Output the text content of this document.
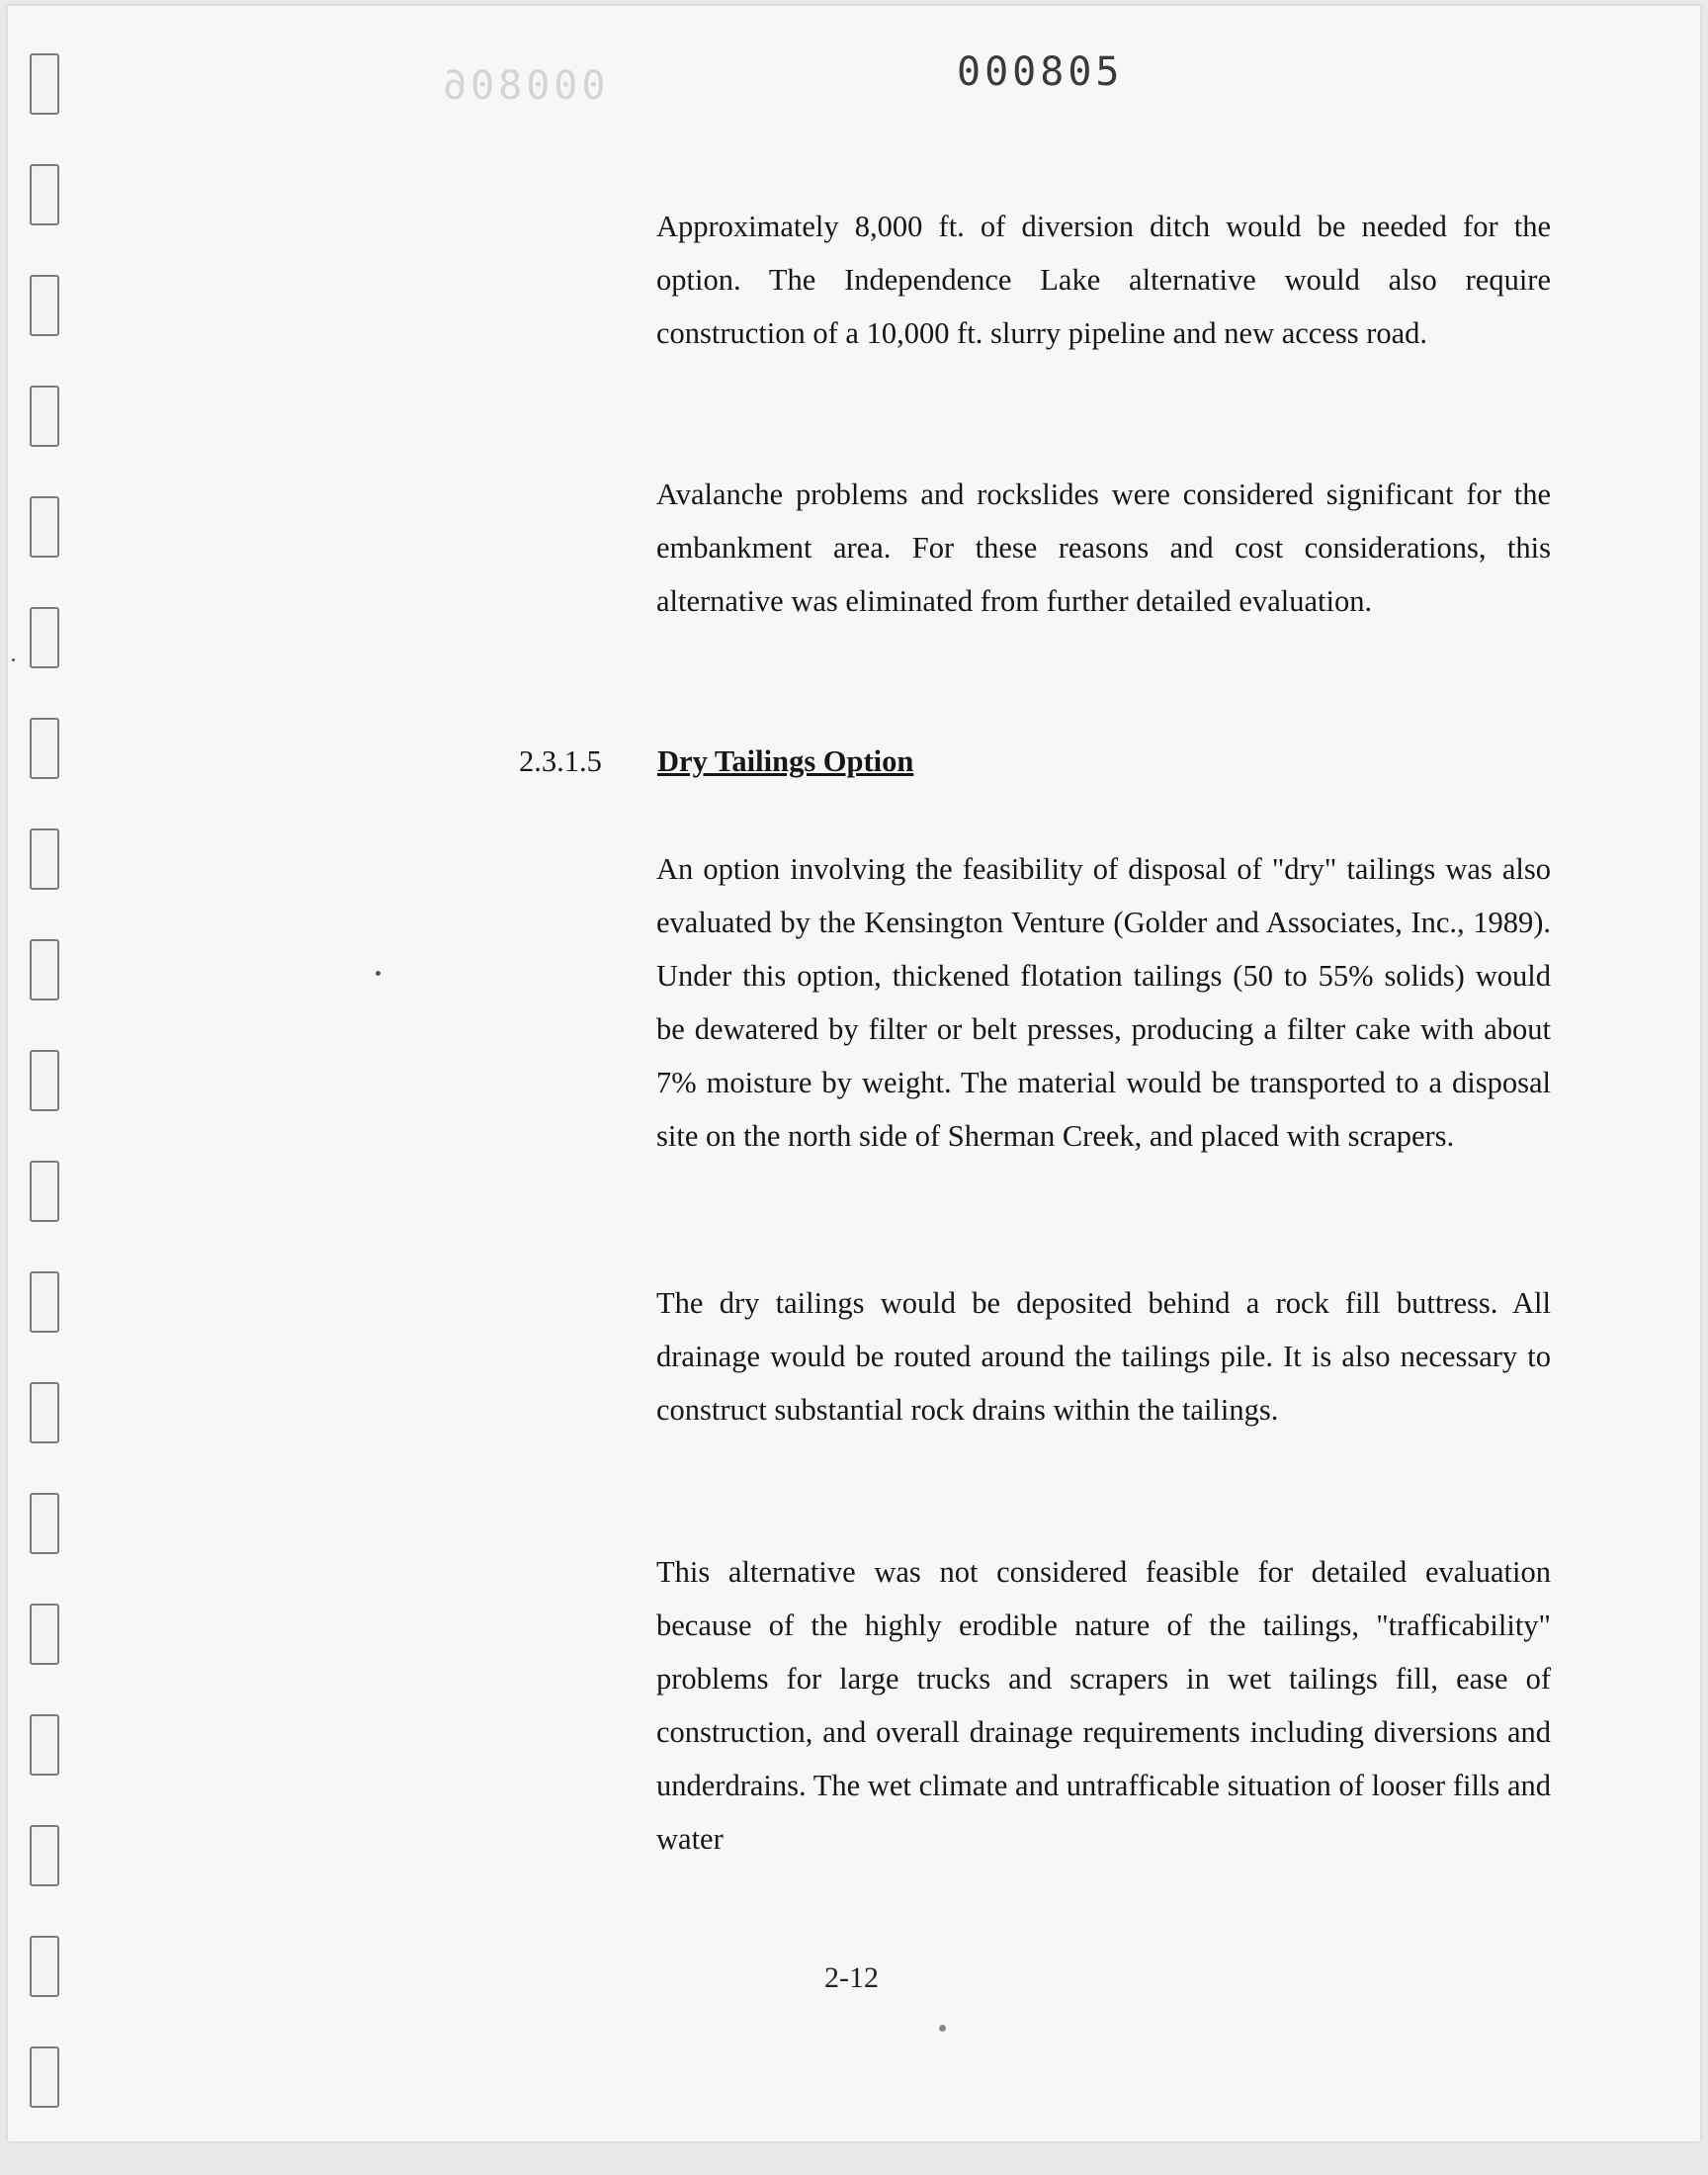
000806	000805

Approximately 8,000 ft. of diversion ditch would be needed for the option. The Independence Lake alternative would also require construction of a 10,000 ft. slurry pipeline and new access road.

Avalanche problems and rockslides were considered significant for the embankment area. For these reasons and cost considerations, this alternative was eliminated from further detailed evaluation.

2.3.1.5 Dry Tailings Option

An option involving the feasibility of disposal of "dry" tailings was also evaluated by the Kensington Venture (Golder and Associates, Inc., 1989). Under this option, thickened flotation tailings (50 to 55% solids) would be dewatered by filter or belt presses, producing a filter cake with about 7% moisture by weight. The material would be transported to a disposal site on the north side of Sherman Creek, and placed with scrapers.

The dry tailings would be deposited behind a rock fill buttress. All drainage would be routed around the tailings pile. It is also necessary to construct substantial rock drains within the tailings.

This alternative was not considered feasible for detailed evaluation because of the highly erodible nature of the tailings, "trafficability" problems for large trucks and scrapers in wet tailings fill, ease of construction, and overall drainage requirements including diversions and underdrains. The wet climate and untrafficable situation of looser fills and water

2-12
